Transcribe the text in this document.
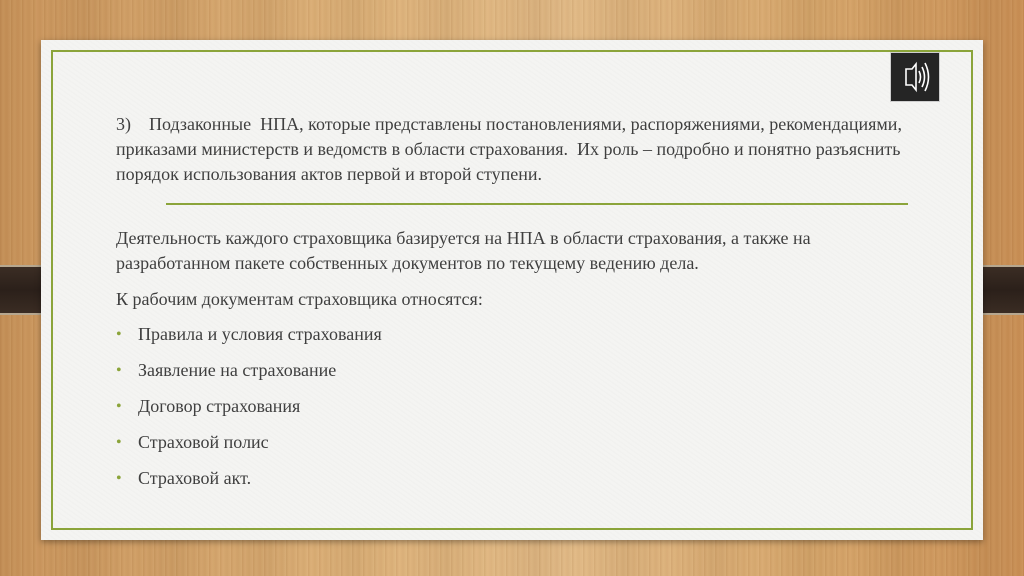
3) Подзаконные  НПА, которые представлены постановлениями, распоряжениями, рекомендациями, приказами министерств и ведомств в области страхования.  Их роль – подробно и понятно разъяснить порядок использования актов первой и второй ступени.
Деятельность каждого страховщика базируется на НПА в области страхования, а также на разработанном пакете собственных документов по текущему ведению дела.
К рабочим документам страховщика относятся:
• Правила и условия страхования
• Заявление на страхование
• Договор страхования
• Страховой полис
• Страховой акт.
